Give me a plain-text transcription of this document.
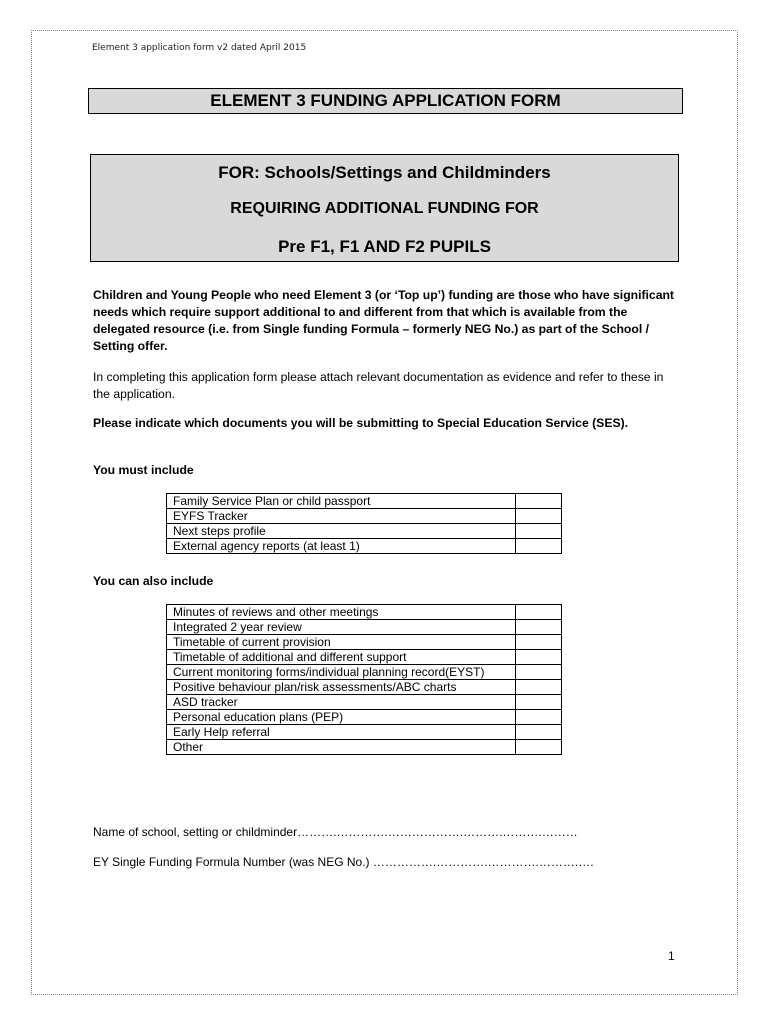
Element 3 application form v2 dated April 2015
ELEMENT 3 FUNDING APPLICATION FORM
FOR: Schools/Settings and Childminders
REQUIRING ADDITIONAL FUNDING FOR
Pre F1, F1 AND F2 PUPILS
Children and Young People who need Element 3 (or ‘Top up’) funding are those who have significant needs which require support additional to and different from that which is available from the delegated resource (i.e. from Single funding Formula – formerly NEG No.) as part of the School / Setting offer.
In completing this application form please attach relevant documentation as evidence and refer to these in the application.
Please indicate which documents you will be submitting to Special Education Service (SES).
You must include
Family Service Plan or child passport	
EYFS Tracker	
Next steps profile	
External agency reports (at least 1)	
You can also include
Minutes of reviews and other meetings	
Integrated 2 year review	
Timetable of current provision	
Timetable of additional and different support	
Current monitoring forms/individual planning record(EYST)	
Positive behaviour plan/risk assessments/ABC charts	
ASD tracker	
Personal education plans (PEP)	
Early Help referral	
Other	
Name of school, setting or childminder……….………….……………….……….……….………
EY Single Funding Formula Number (was NEG No.) …………….………….………….……….….
1
